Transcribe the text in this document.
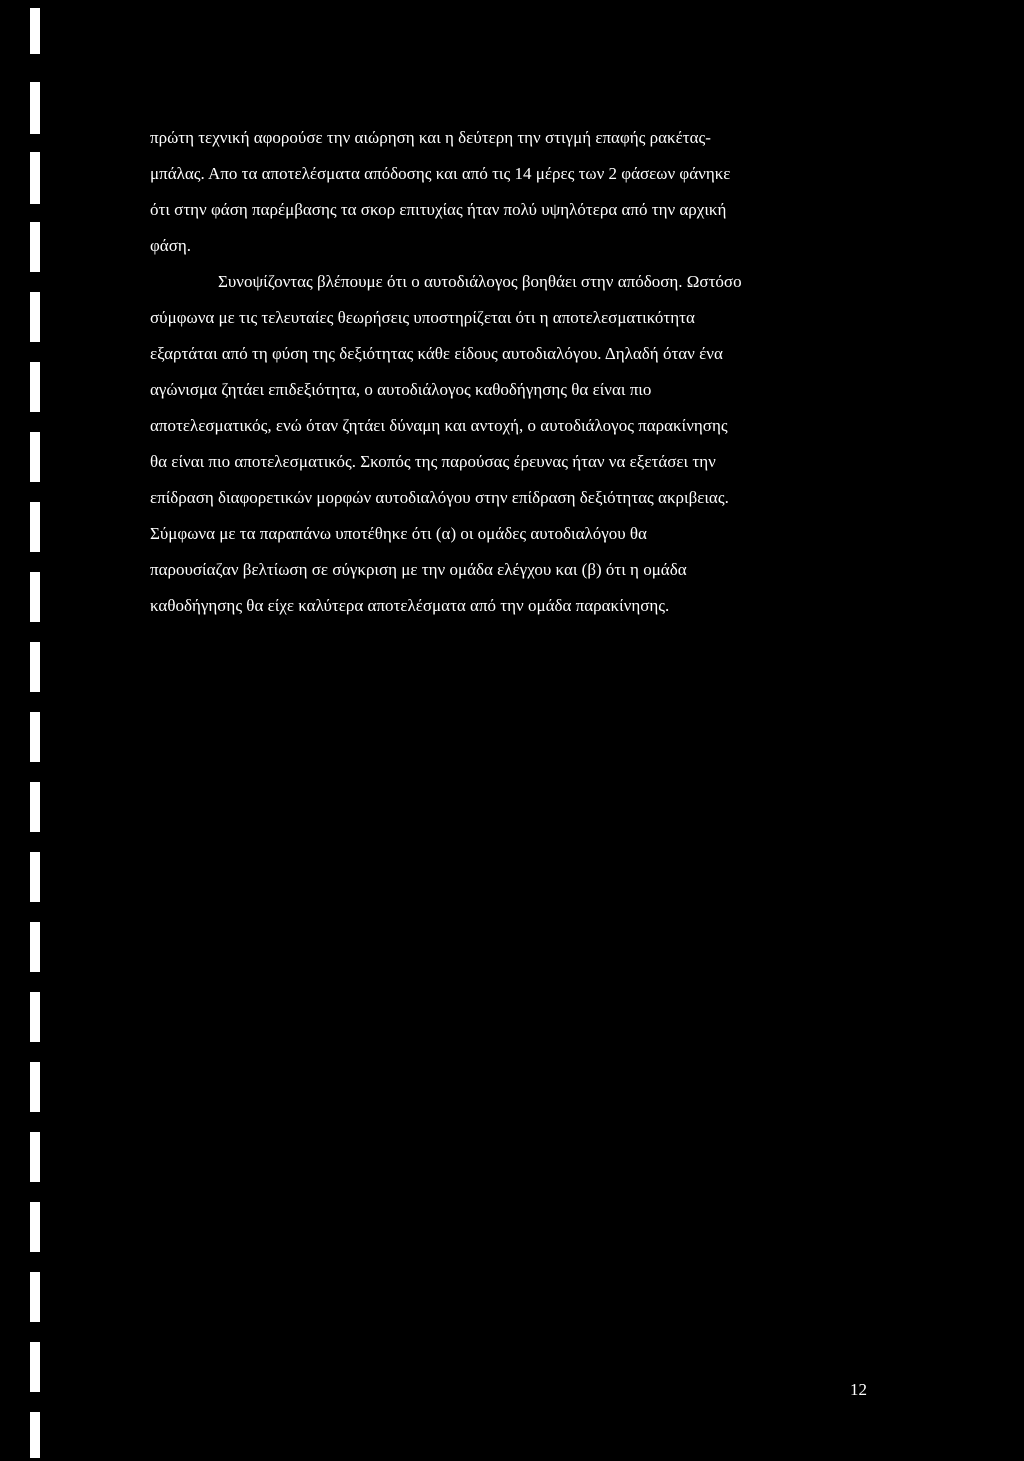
πρώτη τεχνική αφορούσε την αιώρηση και η δεύτερη την στιγμή επαφής ρακέτας-
μπάλας. Απο τα αποτελέσματα απόδοσης και από τις 14 μέρες των 2 φάσεων φάνηκε
ότι στην φάση παρέμβασης τα σκορ επιτυχίας ήταν πολύ υψηλότερα από την αρχική
φάση.
Συνοψίζοντας βλέπουμε ότι ο αυτοδιάλογος βοηθάει στην απόδοση. Ωστόσο
σύμφωνα με τις τελευταίες θεωρήσεις υποστηρίζεται ότι η αποτελεσματικότητα
εξαρτάται από τη φύση της δεξιότητας κάθε είδους αυτοδιαλόγου. Δηλαδή όταν ένα
αγώνισμα ζητάει επιδεξιότητα, ο αυτοδιάλογος καθοδήγησης θα είναι πιο
αποτελεσματικός, ενώ όταν ζητάει δύναμη και αντοχή, ο αυτοδιάλογος παρακίνησης
θα είναι πιο αποτελεσματικός. Σκοπός της παρούσας έρευνας ήταν να εξετάσει την
επίδραση διαφορετικών μορφών αυτοδιαλόγου στην επίδραση δεξιότητας ακριβειας.
Σύμφωνα με τα παραπάνω υποτέθηκε ότι (α) οι ομάδες αυτοδιαλόγου θα
παρουσίαζαν βελτίωση σε σύγκριση με την ομάδα ελέγχου και (β) ότι η ομάδα
καθοδήγησης θα είχε καλύτερα αποτελέσματα από την ομάδα παρακίνησης.
12
